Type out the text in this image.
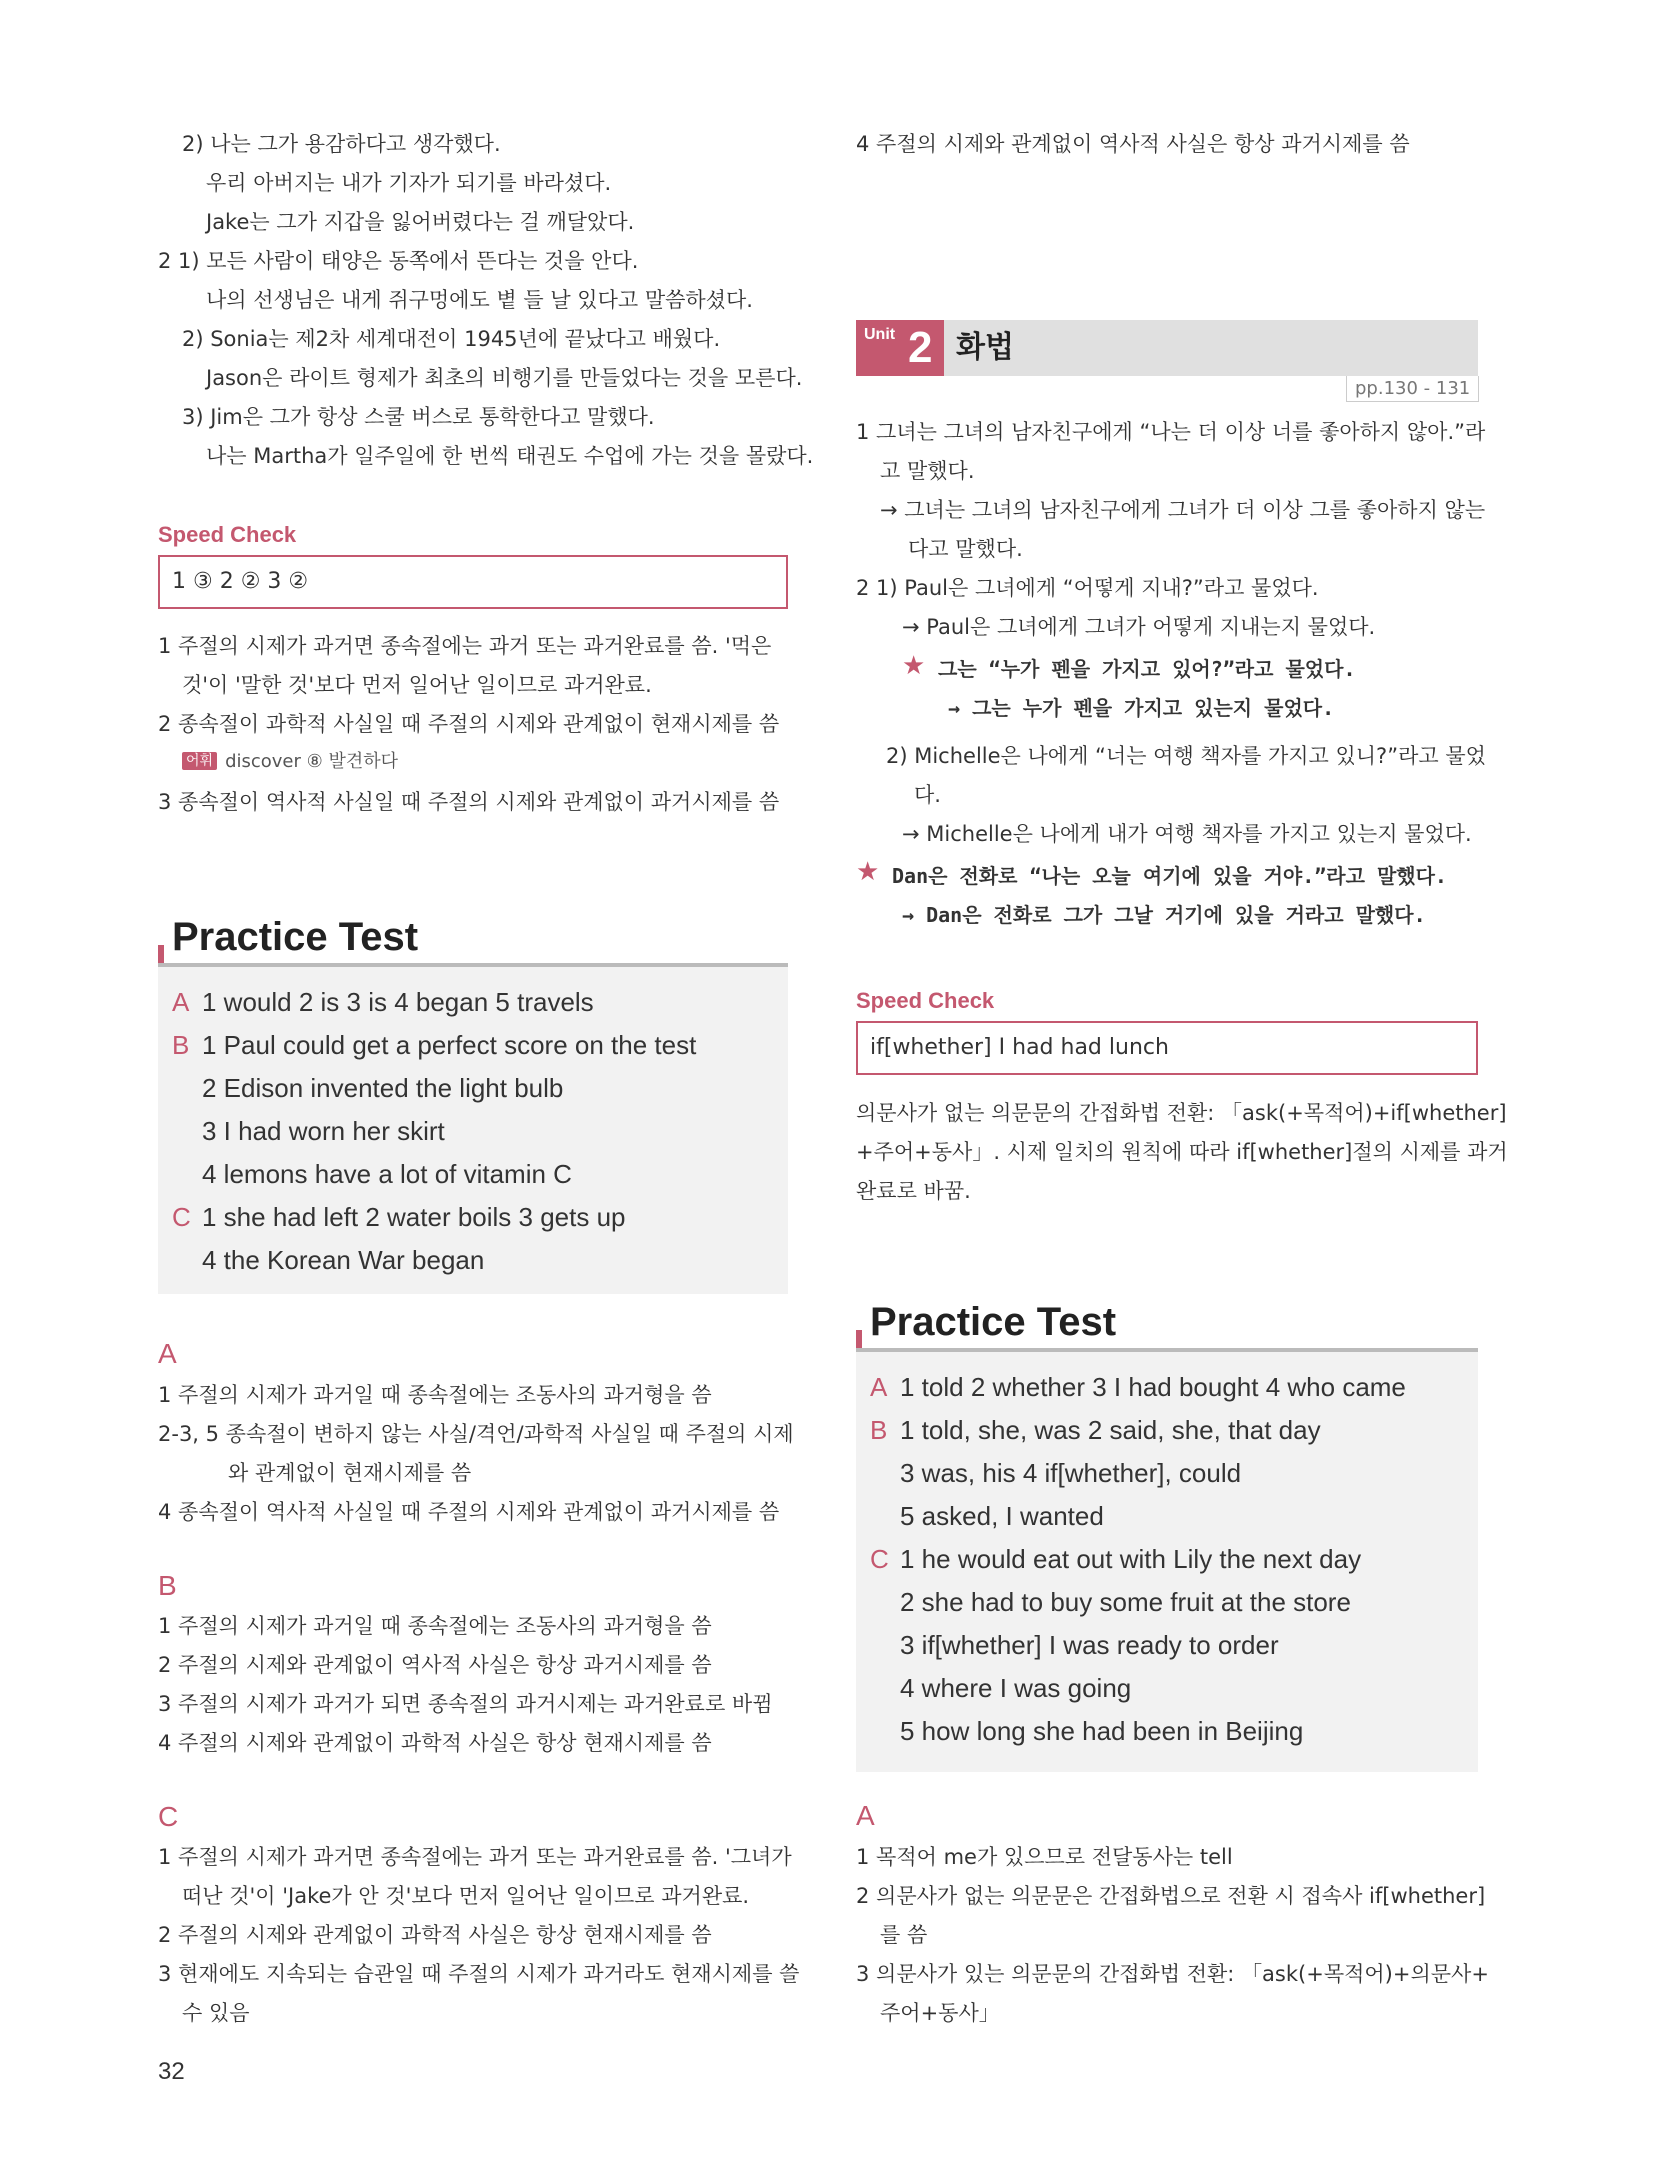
2) 나는 그가 용감하다고 생각했다.
우리 아버지는 내가 기자가 되기를 바라셨다.
Jake는 그가 지갑을 잃어버렸다는 걸 깨달았다.
2 1) 모든 사람이 태양은 동쪽에서 뜬다는 것을 안다.
나의 선생님은 내게 쥐구멍에도 볕 들 날 있다고 말씀하셨다.
2) Sonia는 제2차 세계대전이 1945년에 끝났다고 배웠다.
Jason은 라이트 형제가 최초의 비행기를 만들었다는 것을 모른다.
3) Jim은 그가 항상 스쿨 버스로 통학한다고 말했다.
나는 Martha가 일주일에 한 번씩 태권도 수업에 가는 것을 몰랐다.
Speed Check
1 ③ 2 ② 3 ②
1 주절의 시제가 과거면 종속절에는 과거 또는 과거완료를 씀. '먹은
것'이 '말한 것'보다 먼저 일어난 일이므로 과거완료.
2 종속절이 과학적 사실일 때 주절의 시제와 관계없이 현재시제를 씀
어휘 discover ⑧ 발견하다
3 종속절이 역사적 사실일 때 주절의 시제와 관계없이 과거시제를 씀
Practice Test
A 1 would 2 is 3 is 4 began 5 travels
B 1 Paul could get a perfect score on the test
2 Edison invented the light bulb
3 I had worn her skirt
4 lemons have a lot of vitamin C
C 1 she had left 2 water boils 3 gets up
4 the Korean War began
A
1 주절의 시제가 과거일 때 종속절에는 조동사의 과거형을 씀
2-3, 5 종속절이 변하지 않는 사실/격언/과학적 사실일 때 주절의 시제
와 관계없이 현재시제를 씀
4 종속절이 역사적 사실일 때 주절의 시제와 관계없이 과거시제를 씀
B
1 주절의 시제가 과거일 때 종속절에는 조동사의 과거형을 씀
2 주절의 시제와 관계없이 역사적 사실은 항상 과거시제를 씀
3 주절의 시제가 과거가 되면 종속절의 과거시제는 과거완료로 바뀜
4 주절의 시제와 관계없이 과학적 사실은 항상 현재시제를 씀
C
1 주절의 시제가 과거면 종속절에는 과거 또는 과거완료를 씀. '그녀가
떠난 것'이 'Jake가 안 것'보다 먼저 일어난 일이므로 과거완료.
2 주절의 시제와 관계없이 과학적 사실은 항상 현재시제를 씀
3 현재에도 지속되는 습관일 때 주절의 시제가 과거라도 현재시제를 쓸
수 있음
32
4 주절의 시제와 관계없이 역사적 사실은 항상 과거시제를 씀
Unit 2 화법
pp.130 - 131
1 그녀는 그녀의 남자친구에게 “나는 더 이상 너를 좋아하지 않아.”라
고 말했다.
→ 그녀는 그녀의 남자친구에게 그녀가 더 이상 그를 좋아하지 않는
다고 말했다.
2 1) Paul은 그녀에게 “어떻게 지내?”라고 물었다.
→ Paul은 그녀에게 그녀가 어떻게 지내는지 물었다.
★ 그는 “누가 펜을 가지고 있어?”라고 물었다.
→ 그는 누가 펜을 가지고 있는지 물었다.
2) Michelle은 나에게 “너는 여행 책자를 가지고 있니?”라고 물었
다.
→ Michelle은 나에게 내가 여행 책자를 가지고 있는지 물었다.
★ Dan은 전화로 “나는 오늘 여기에 있을 거야.”라고 말했다.
→ Dan은 전화로 그가 그날 거기에 있을 거라고 말했다.
Speed Check
if[whether] I had had lunch
의문사가 없는 의문문의 간접화법 전환: 「ask(+목적어)+if[whether]
+주어+동사」. 시제 일치의 원칙에 따라 if[whether]절의 시제를 과거
완료로 바꿈.
Practice Test
A 1 told 2 whether 3 I had bought 4 who came
B 1 told, she, was 2 said, she, that day
3 was, his 4 if[whether], could
5 asked, I wanted
C 1 he would eat out with Lily the next day
2 she had to buy some fruit at the store
3 if[whether] I was ready to order
4 where I was going
5 how long she had been in Beijing
A
1 목적어 me가 있으므로 전달동사는 tell
2 의문사가 없는 의문문은 간접화법으로 전환 시 접속사 if[whether]
를 씀
3 의문사가 있는 의문문의 간접화법 전환: 「ask(+목적어)+의문사+
주어+동사」
